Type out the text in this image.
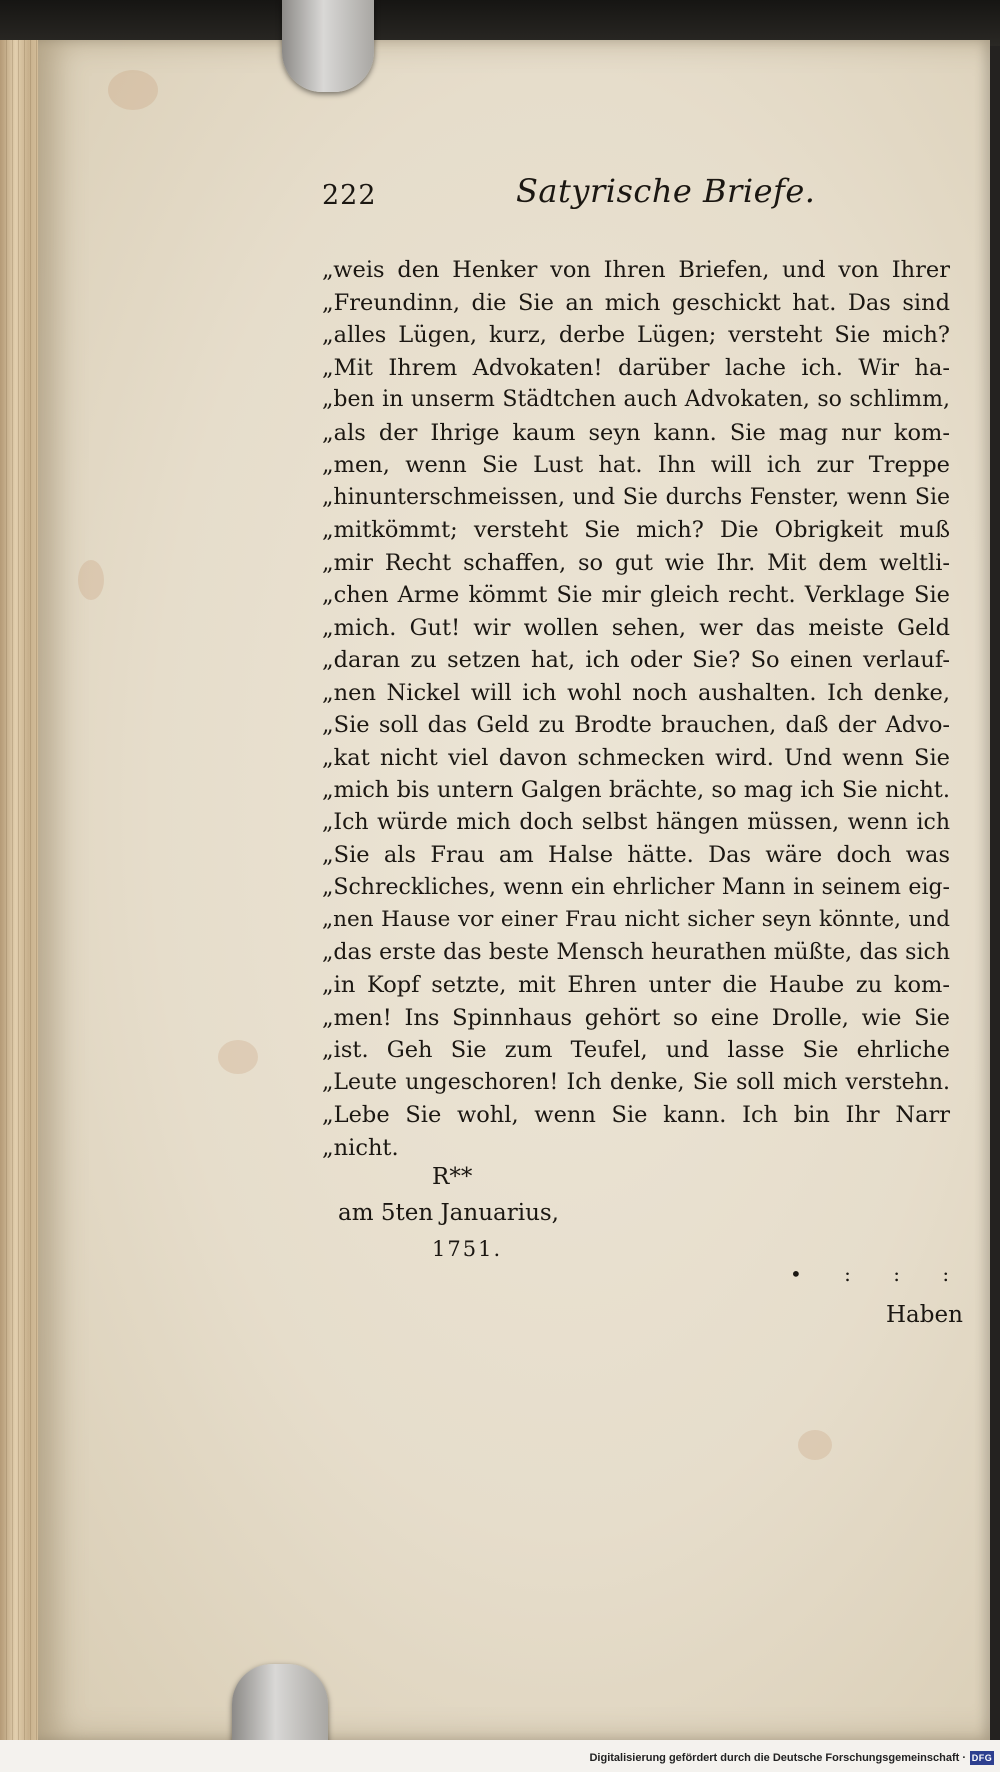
222	Satyrische Briefe.
„weis den Henker von Ihren Briefen, und von Ihrer
„Freundinn, die Sie an mich geschickt hat. Das sind
„alles Lügen, kurz, derbe Lügen; versteht Sie mich?
„Mit Ihrem Advokaten! darüber lache ich. Wir ha-
„ben in unserm Städtchen auch Advokaten, so schlimm,
„als der Ihrige kaum seyn kann. Sie mag nur kom-
„men, wenn Sie Lust hat. Ihn will ich zur Treppe
„hinunterschmeissen, und Sie durchs Fenster, wenn Sie
„mitkömmt; versteht Sie mich? Die Obrigkeit muß
„mir Recht schaffen, so gut wie Ihr. Mit dem weltli-
„chen Arme kömmt Sie mir gleich recht. Verklage Sie
„mich. Gut! wir wollen sehen, wer das meiste Geld
„daran zu setzen hat, ich oder Sie? So einen verlauf-
„nen Nickel will ich wohl noch aushalten. Ich denke,
„Sie soll das Geld zu Brodte brauchen, daß der Advo-
„kat nicht viel davon schmecken wird. Und wenn Sie
„mich bis untern Galgen brächte, so mag ich Sie nicht.
„Ich würde mich doch selbst hängen müssen, wenn ich
„Sie als Frau am Halse hätte. Das wäre doch was
„Schreckliches, wenn ein ehrlicher Mann in seinem eig-
„nen Hause vor einer Frau nicht sicher seyn könnte, und
„das erste das beste Mensch heurathen müßte, das sich
„in Kopf setzte, mit Ehren unter die Haube zu kom-
„men! Ins Spinnhaus gehört so eine Drolle, wie Sie
„ist. Geh Sie zum Teufel, und lasse Sie ehrliche
„Leute ungeschoren! Ich denke, Sie soll mich verstehn.
„Lebe Sie wohl, wenn Sie kann. Ich bin Ihr Narr
„nicht.
R**
am 5ten Januarius,
1751.
• : : :
Haben
Digitalisierung gefördert durch die Deutsche Forschungsgemeinschaft · DFG
